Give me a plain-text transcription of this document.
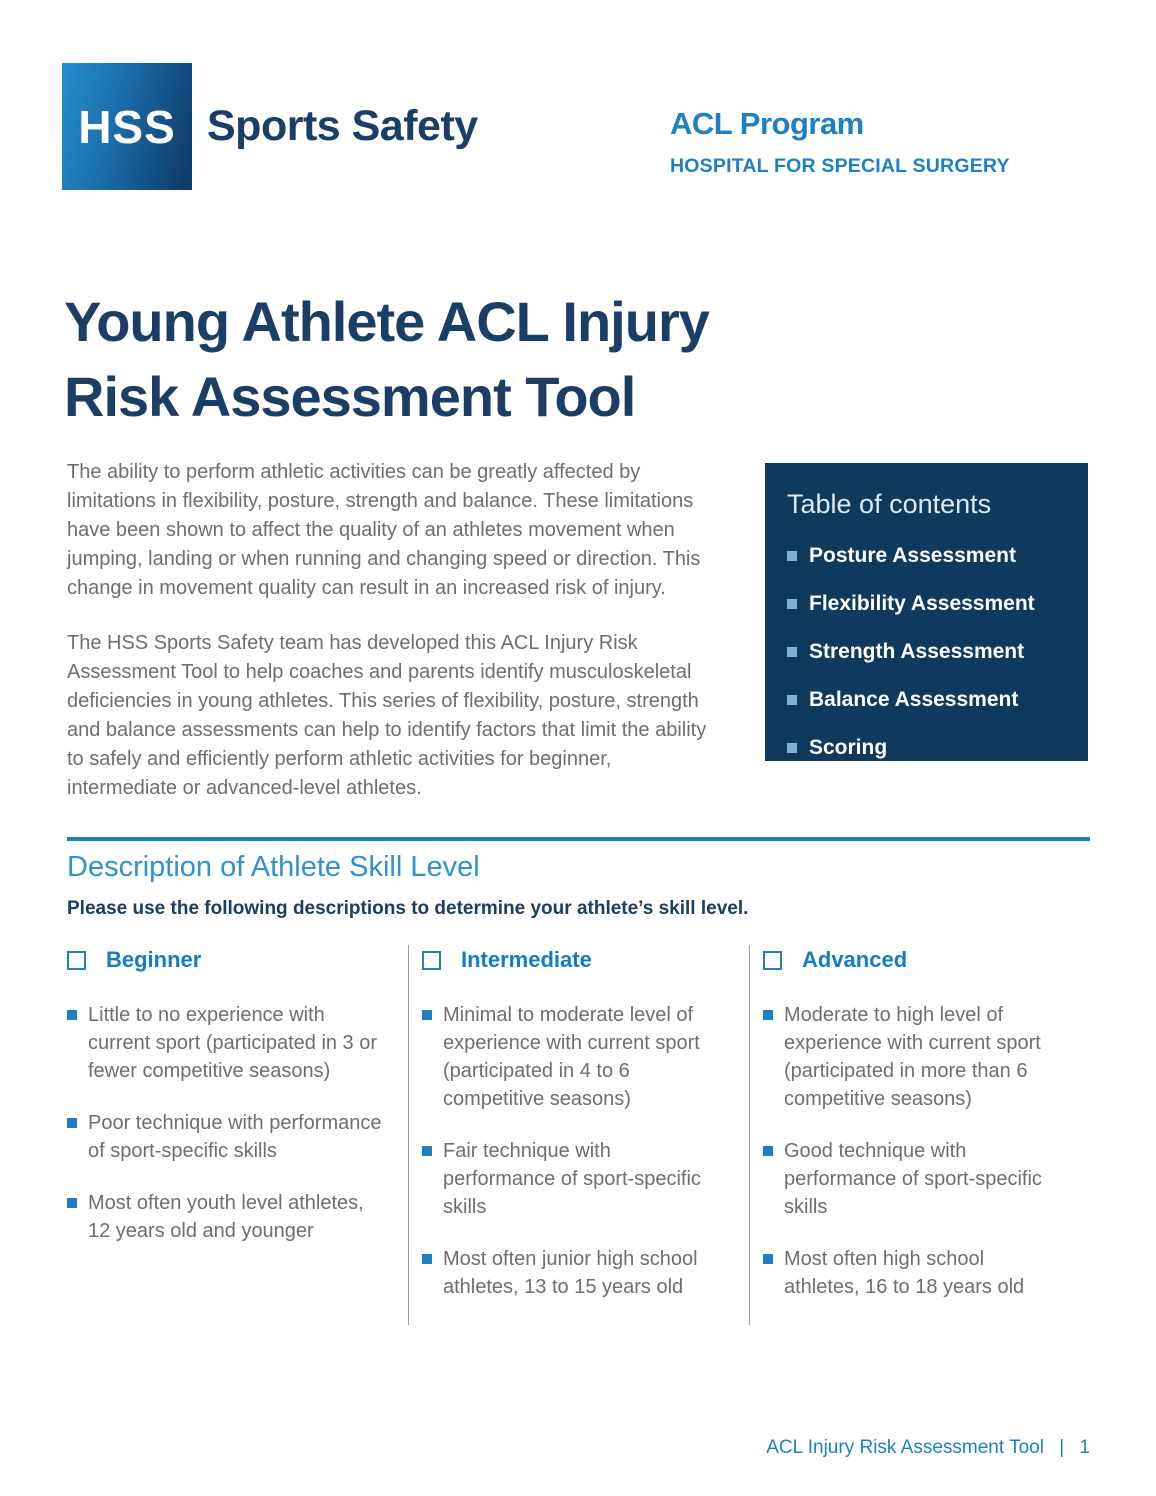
HSS Sports Safety	ACL Program
HOSPITAL FOR SPECIAL SURGERY
Young Athlete ACL Injury
Risk Assessment Tool

The ability to perform athletic activities can be greatly affected by limitations in flexibility, posture, strength and balance. These limitations have been shown to affect the quality of an athletes movement when jumping, landing or when running and changing speed or direction. This change in movement quality can result in an increased risk of injury.

The HSS Sports Safety team has developed this ACL Injury Risk Assessment Tool to help coaches and parents identify musculoskeletal deficiencies in young athletes. This series of flexibility, posture, strength and balance assessments can help to identify factors that limit the ability to safely and efficiently perform athletic activities for beginner, intermediate or advanced-level athletes.

Table of contents
Posture Assessment
Flexibility Assessment
Strength Assessment
Balance Assessment
Scoring
Description of Athlete Skill Level
Please use the following descriptions to determine your athlete’s skill level.
Beginner
Little to no experience with current sport (participated in 3 or fewer competitive seasons)
Poor technique with performance of sport-specific skills
Most often youth level athletes, 12 years old and younger
Intermediate
Minimal to moderate level of experience with current sport (participated in 4 to 6 competitive seasons)
Fair technique with performance of sport-specific skills
Most often junior high school athletes, 13 to 15 years old
Advanced
Moderate to high level of experience with current sport (participated in more than 6 competitive seasons)
Good technique with performance of sport-specific skills
Most often high school athletes, 16 to 18 years old
ACL Injury Risk Assessment Tool | 1
